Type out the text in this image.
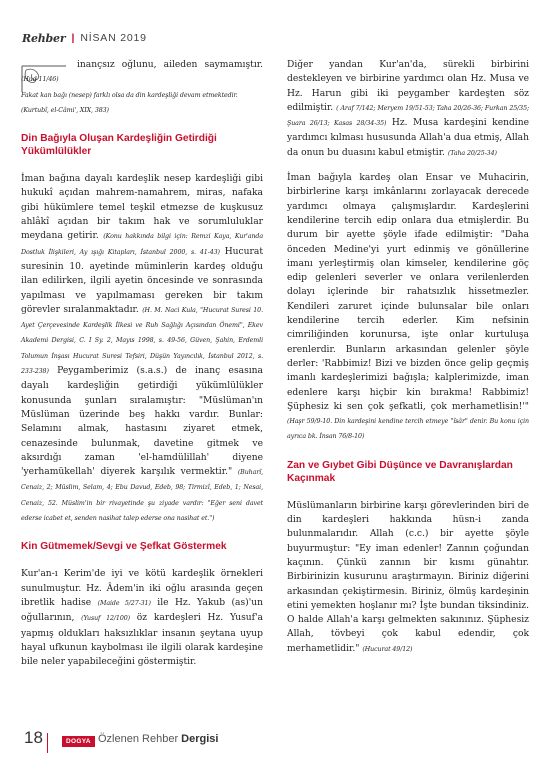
Rehber | NİSAN 2019

inançsız oğlunu, aileden saymamıştır. (Hud 11/46)
Fakat kan bağı (nesep) farklı olsa da din kardeşliği devam etmektedir.
(Kurtubî, el-Câmi', XIX, 383)

Din Bağıyla Oluşan Kardeşliğin Getirdiği Yükümlülükler

İman bağına dayalı kardeşlik nesep kardeşliği gibi hukukî açıdan mahrem-namahrem, miras, nafaka gibi hükümlere temel teşkil etmezse de kuşkusuz ahlâkî açıdan bir takım hak ve sorumluluklar meydana getirir. (Konu hakkında bilgi için: Remzi Kaya, Kur'anda Dostluk İlişkileri, Ay ışığı Kitapları, İstanbul 2000, s. 41-43) Hucurat suresinin 10. ayetinde müminlerin kardeş olduğu ilan edilirken, ilgili ayetin öncesinde ve sonrasında yapılması ve yapılmaması gereken bir takım görevler sıralanmaktadır. (H. M. Naci Kula, "Hucurat Suresi 10. Ayet Çerçevesinde Kardeşlik İlkesi ve Ruh Sağlığı Açısından Önemi", Ekev Akademi Dergisi, C. I Sy. 2, Mayıs 1998, s. 49-56, Güven, Şahin, Erdemli Tolumun İnşası Hucurat Suresi Tefsiri, Düşün Yayıncılık, İstanbul 2012, s. 233-238) Peygamberimiz (s.a.s.) de inanç esasına dayalı kardeşliğin getirdiği yükümlülükler konusunda şunları sıralamıştır: "Müslüman'ın Müslüman üzerinde beş hakkı vardır. Bunlar: Selamını almak, hastasını ziyaret etmek, cenazesinde bulunmak, davetine gitmek ve aksırdığı zaman 'el-hamdülillah' diyene 'yerhamükellah' diyerek karşılık vermektir." (Buharî, Cenaiz, 2; Müslim, Selam, 4; Ebu Davud, Edeb, 98; Tirmizî, Edeb, 1; Nesai, Cenaiz, 52. Müslim'in bir rivayetinde şu ziyade vardır: "Eğer seni davet ederse icabet et, senden nasihat talep ederse ona nasihat et.")

Kin Gütmemek/Sevgi ve Şefkat Göstermek

Kur'an-ı Kerim'de iyi ve kötü kardeşlik örnekleri sunulmuştur. Hz. Âdem'in iki oğlu arasında geçen ibretlik hadise (Maide 5/27-31) ile Hz. Yakub (as)'un oğullarının, (Yusuf 12/100) öz kardeşleri Hz. Yusuf'a yapmış oldukları haksızlıklar insanın şeytana uyup hayal ufkunun kaybolması ile ilgili olarak kardeşine bile neler yapabileceğini göstermiştir.

Diğer yandan Kur'an'da, sürekli birbirini destekleyen ve birbirine yardımcı olan Hz. Musa ve Hz. Harun gibi iki peygamber kardeşten söz edilmiştir. ( Araf 7/142; Meryem 19/51-53; Taha 20/26-36; Furkan 25/35; Şuara 26/13; Kasas 28/34-35) Hz. Musa kardeşini kendine yardımcı kılması hususunda Allah'a dua etmiş, Allah da onun bu duasını kabul etmiştir. (Taha 20/25-34)

İman bağıyla kardeş olan Ensar ve Muhacirin, birbirlerine karşı imkânlarını zorlayacak derecede yardımcı olmaya çalışmışlardır. Kardeşlerini kendilerine tercih edip onlara dua etmişlerdir. Bu durum bir ayette şöyle ifade edilmiştir: "Daha önceden Medine'yi yurt edinmiş ve gönüllerine imanı yerleştirmiş olan kimseler, kendilerine göç edip gelenleri severler ve onlara verilenlerden dolayı içlerinde bir rahatsızlık hissetmezler. Kendileri zaruret içinde bulunsalar bile onları kendilerine tercih ederler. Kim nefsinin cimriliğinden korunursa, işte onlar kurtuluşa erenlerdir. Bunların arkasından gelenler şöyle derler: 'Rabbimiz! Bizi ve bizden önce gelip geçmiş imanlı kardeşlerimizi bağışla; kalplerimizde, iman edenlere karşı hiçbir kin bırakma! Rabbimiz! Şüphesiz ki sen çok şefkatli, çok merhametlisin!'" (Haşr 59/9-10. Din kardeşini kendine tercih etmeye "îsâr" denir. Bu konu için ayrıca bk. İnsan 76/8-10)

Zan ve Gıybet Gibi Düşünce ve Davranışlardan Kaçınmak

Müslümanların birbirine karşı görevlerinden biri de din kardeşleri hakkında hüsn-i zanda bulunmalarıdır. Allah (c.c.) bir ayette şöyle buyurmuştur: "Ey iman edenler! Zannın çoğundan kaçının. Çünkü zannın bir kısmı günahtır. Birbirinizin kusurunu araştırmayın. Biriniz diğerini arkasından çekiştirmesin. Biriniz, ölmüş kardeşinin etini yemekten hoşlanır mı? İşte bundan tiksindiniz. O halde Allah'a karşı gelmekten sakınınız. Şüphesiz Allah, tövbeyi çok kabul edendir, çok merhametlidir." (Hucurat 49/12)

18	DOGYA Özlenen Rehber Dergisi
